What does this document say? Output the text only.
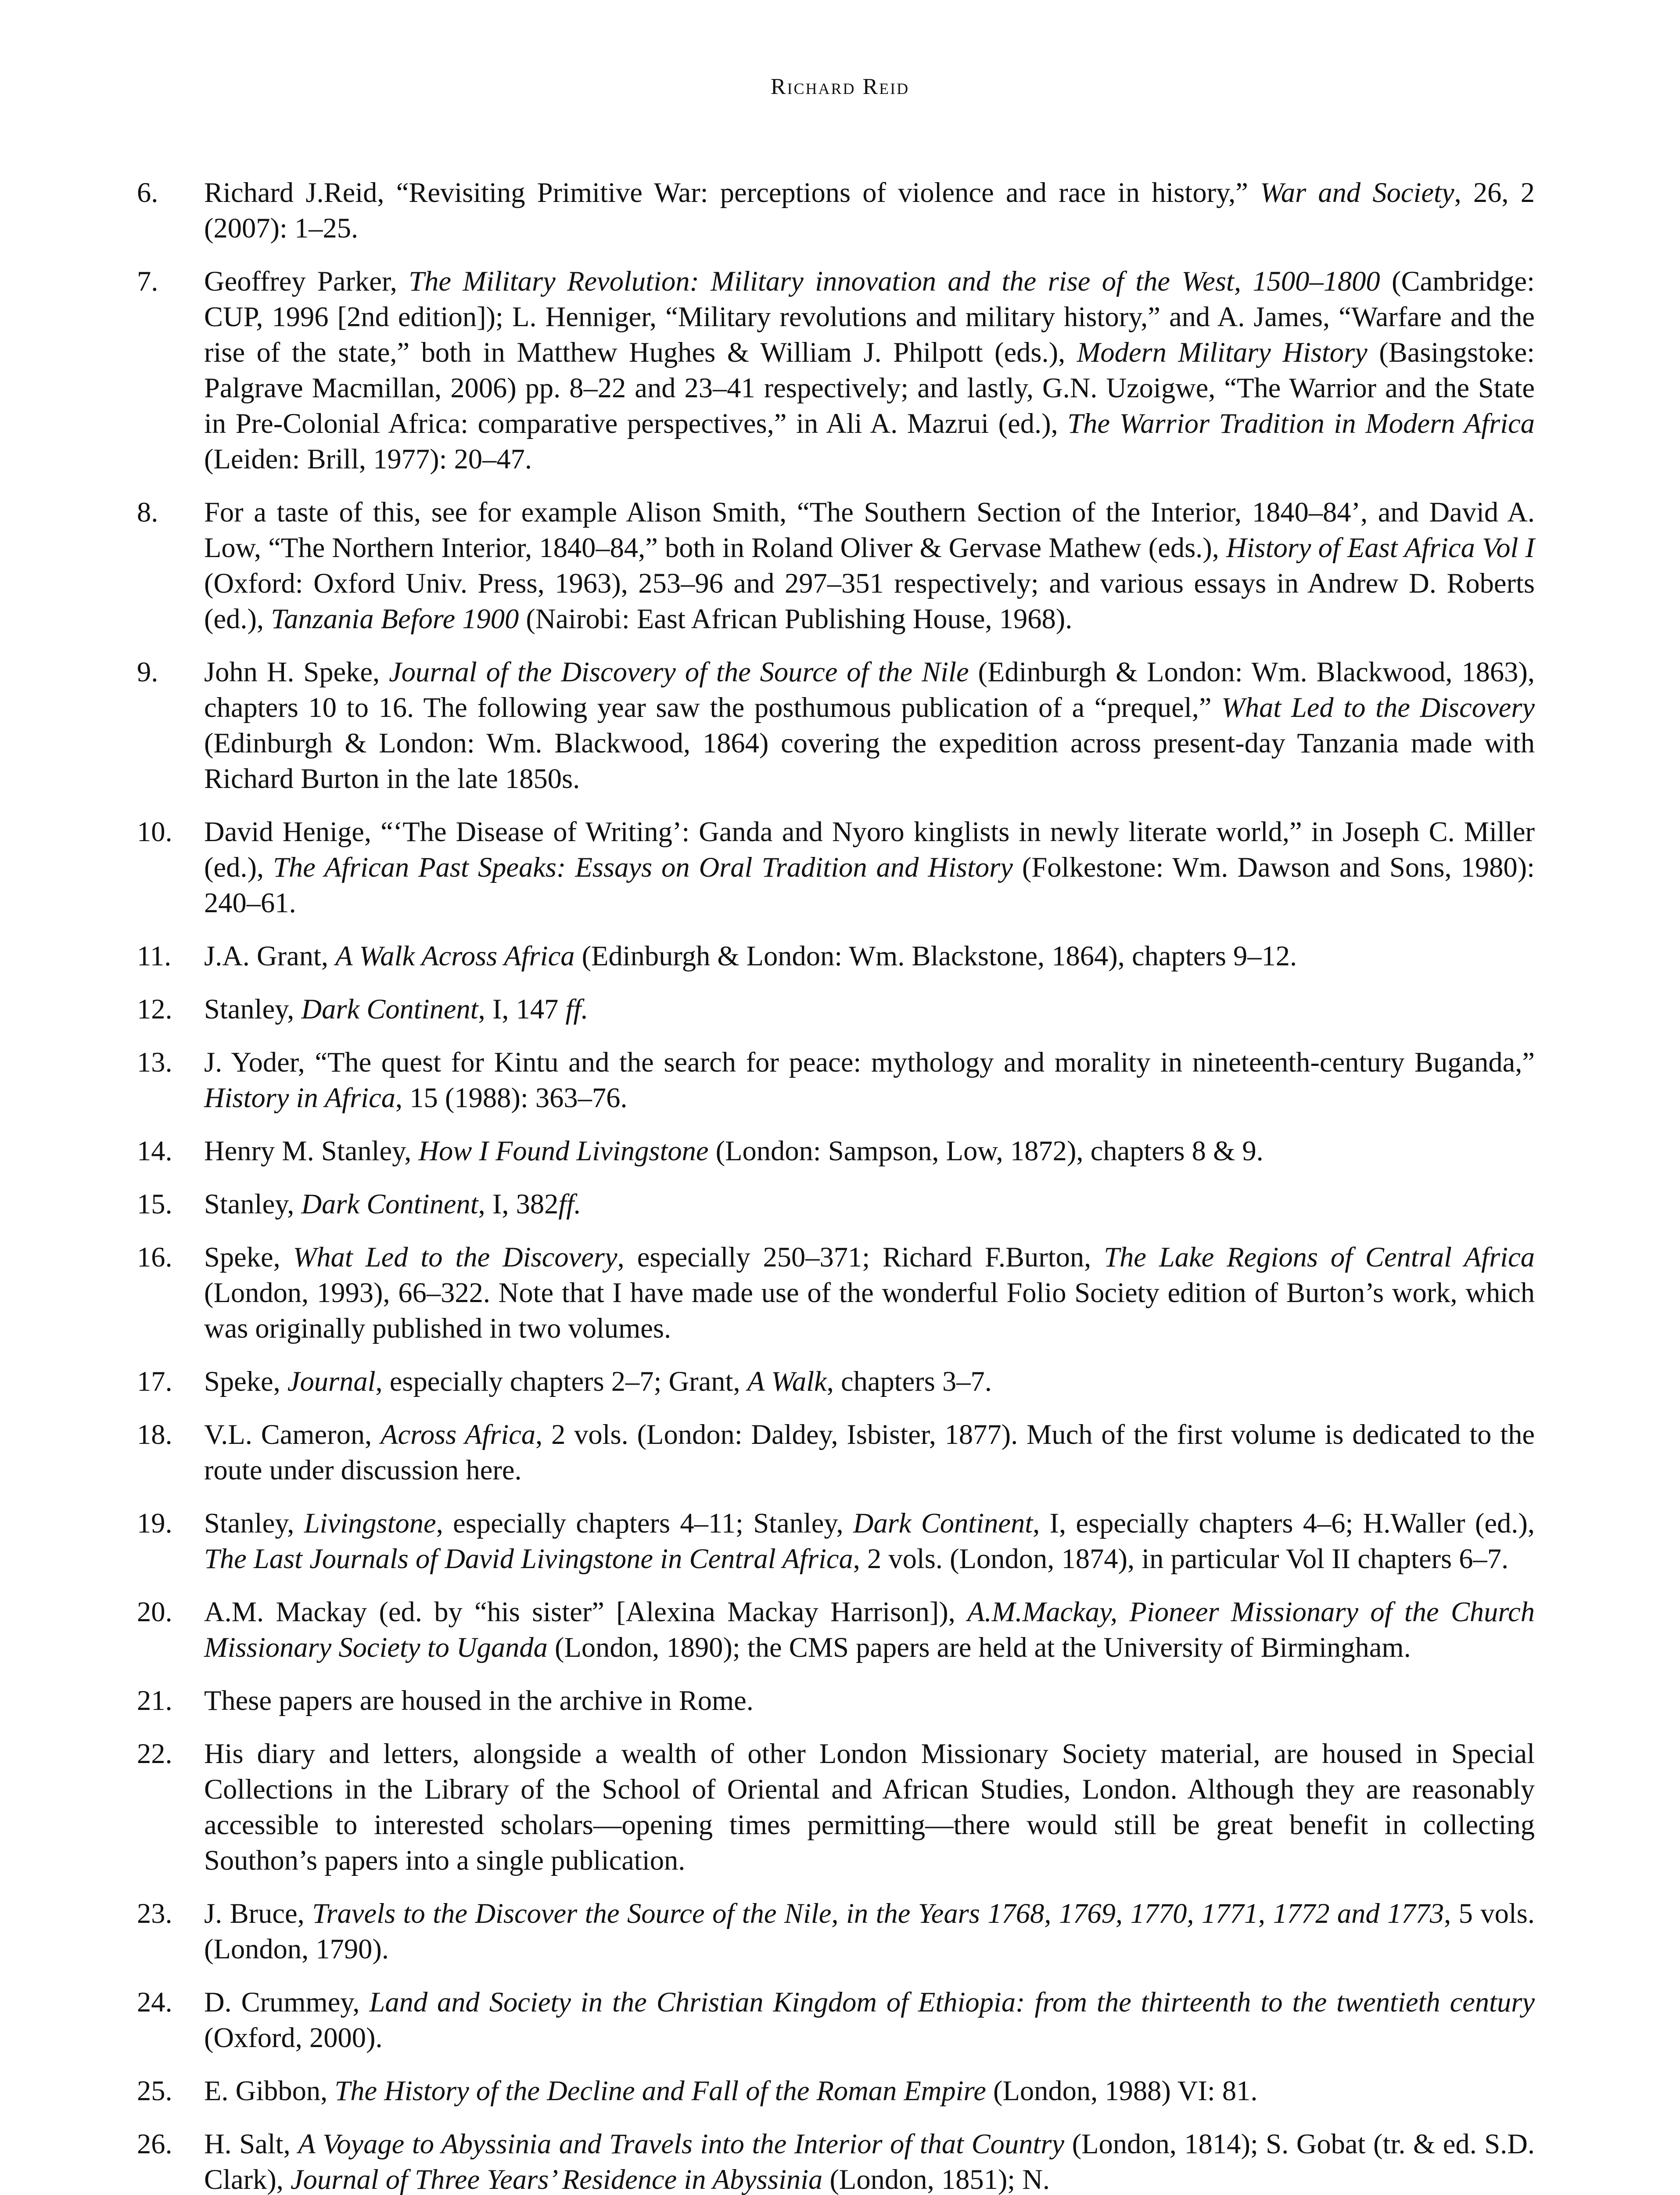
Richard Reid
6.	Richard J.Reid, “Revisiting Primitive War: perceptions of violence and race in history,” War and Society, 26, 2 (2007): 1–25.
7.	Geoffrey Parker, The Military Revolution: Military innovation and the rise of the West, 1500–1800 (Cambridge: CUP, 1996 [2nd edition]); L. Henniger, “Military revolutions and military history,” and A. James, “Warfare and the rise of the state,” both in Matthew Hughes & William J. Philpott (eds.), Modern Military History (Basingstoke: Palgrave Macmillan, 2006) pp. 8–22 and 23–41 respectively; and lastly, G.N. Uzoigwe, “The Warrior and the State in Pre-Colonial Africa: comparative perspectives,” in Ali A. Mazrui (ed.), The Warrior Tradition in Modern Africa (Leiden: Brill, 1977): 20–47.
8.	For a taste of this, see for example Alison Smith, “The Southern Section of the Interior, 1840–84’, and David A. Low, “The Northern Interior, 1840–84,” both in Roland Oliver & Gervase Mathew (eds.), History of East Africa Vol I (Oxford: Oxford Univ. Press, 1963), 253–96 and 297–351 respectively; and various essays in Andrew D. Roberts (ed.), Tanzania Before 1900 (Nairobi: East African Publishing House, 1968).
9.	John H. Speke, Journal of the Discovery of the Source of the Nile (Edinburgh & London: Wm. Blackwood, 1863), chapters 10 to 16. The following year saw the posthumous publication of a “prequel,” What Led to the Discovery (Edinburgh & London: Wm. Blackwood, 1864) covering the expedition across present-day Tanzania made with Richard Burton in the late 1850s.
10.	David Henige, “‘The Disease of Writing’: Ganda and Nyoro kinglists in newly literate world,” in Joseph C. Miller (ed.), The African Past Speaks: Essays on Oral Tradition and History (Folkestone: Wm. Dawson and Sons, 1980): 240–61.
11.	J.A. Grant, A Walk Across Africa (Edinburgh & London: Wm. Blackstone, 1864), chapters 9–12.
12.	Stanley, Dark Continent, I, 147 ff.
13.	J. Yoder, “The quest for Kintu and the search for peace: mythology and morality in nineteenth-century Buganda,” History in Africa, 15 (1988): 363–76.
14.	Henry M. Stanley, How I Found Livingstone (London: Sampson, Low, 1872), chapters 8 & 9.
15.	Stanley, Dark Continent, I, 382ff.
16.	Speke, What Led to the Discovery, especially 250–371; Richard F.Burton, The Lake Regions of Central Africa (London, 1993), 66–322. Note that I have made use of the wonderful Folio Society edition of Burton’s work, which was originally published in two volumes.
17.	Speke, Journal, especially chapters 2–7; Grant, A Walk, chapters 3–7.
18.	V.L. Cameron, Across Africa, 2 vols. (London: Daldey, Isbister, 1877). Much of the first volume is dedicated to the route under discussion here.
19.	Stanley, Livingstone, especially chapters 4–11; Stanley, Dark Continent, I, especially chapters 4–6; H.Waller (ed.), The Last Journals of David Livingstone in Central Africa, 2 vols. (London, 1874), in particular Vol II chapters 6–7.
20.	A.M. Mackay (ed. by “his sister” [Alexina Mackay Harrison]), A.M.Mackay, Pioneer Missionary of the Church Missionary Society to Uganda (London, 1890); the CMS papers are held at the University of Birmingham.
21.	These papers are housed in the archive in Rome.
22.	His diary and letters, alongside a wealth of other London Missionary Society material, are housed in Special Collections in the Library of the School of Oriental and African Studies, London. Although they are reasonably accessible to interested scholars—opening times permitting—there would still be great benefit in collecting Southon’s papers into a single publication.
23.	J. Bruce, Travels to the Discover the Source of the Nile, in the Years 1768, 1769, 1770, 1771, 1772 and 1773, 5 vols. (London, 1790).
24.	D. Crummey, Land and Society in the Christian Kingdom of Ethiopia: from the thirteenth to the twentieth century (Oxford, 2000).
25.	E. Gibbon, The History of the Decline and Fall of the Roman Empire (London, 1988) VI: 81.
26.	H. Salt, A Voyage to Abyssinia and Travels into the Interior of that Country (London, 1814); S. Gobat (tr. & ed. S.D. Clark), Journal of Three Years’ Residence in Abyssinia (London, 1851); N.
